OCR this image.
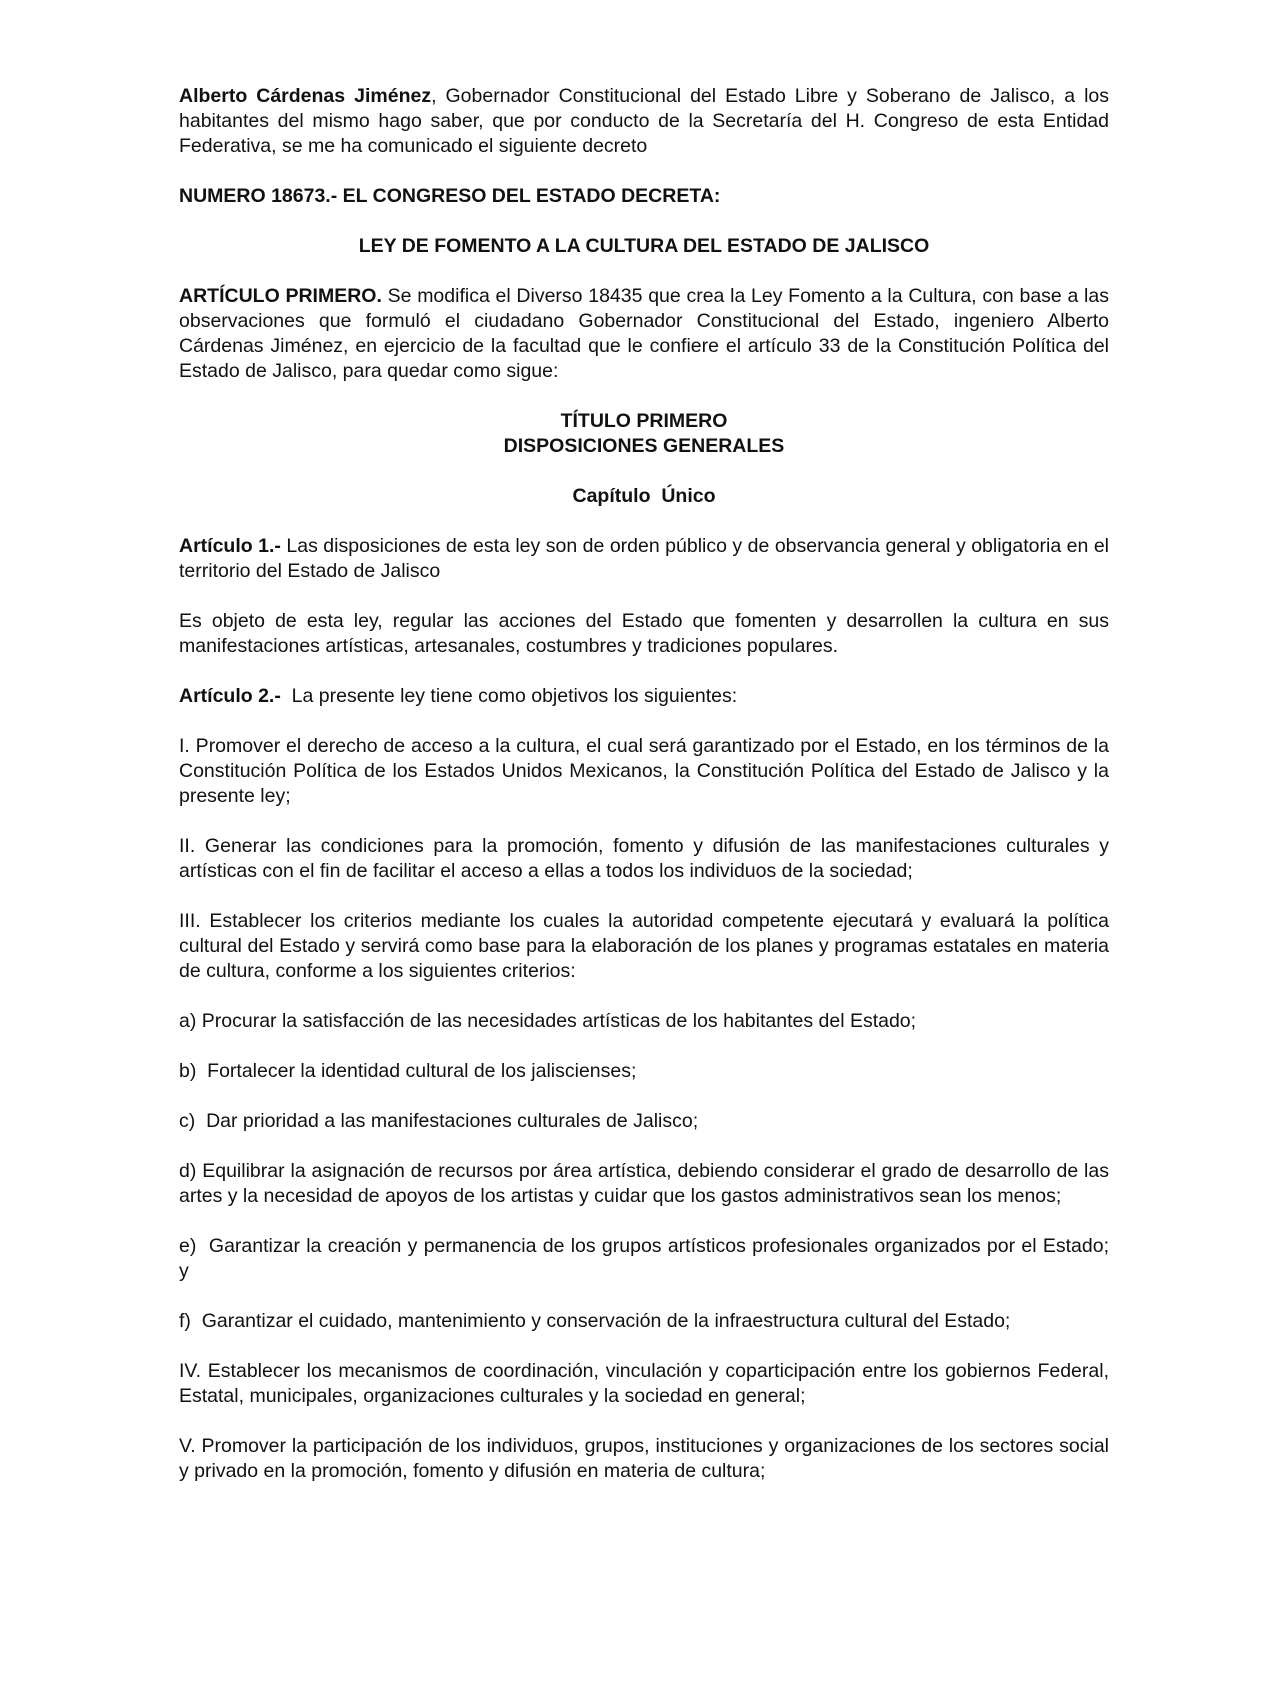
Alberto Cárdenas Jiménez, Gobernador Constitucional del Estado Libre y Soberano de Jalisco, a los habitantes del mismo hago saber, que por conducto de la Secretaría del H. Congreso de esta Entidad Federativa, se me ha comunicado el siguiente decreto

NUMERO 18673.- EL CONGRESO DEL ESTADO DECRETA:

LEY DE FOMENTO A LA CULTURA DEL ESTADO DE JALISCO

ARTÍCULO PRIMERO. Se modifica el Diverso 18435 que crea la Ley Fomento a la Cultura, con base a las observaciones que formuló el ciudadano Gobernador Constitucional del Estado, ingeniero Alberto Cárdenas Jiménez, en ejercicio de la facultad que le confiere el artículo 33 de la Constitución Política del Estado de Jalisco, para quedar como sigue:

TÍTULO PRIMERO
DISPOSICIONES GENERALES

Capítulo  Único

Artículo 1.- Las disposiciones de esta ley son de orden público y de observancia general y obligatoria en el territorio del Estado de Jalisco

Es objeto de esta ley, regular las acciones del Estado que fomenten y desarrollen la cultura en sus manifestaciones artísticas, artesanales, costumbres y tradiciones populares.

Artículo 2.-  La presente ley tiene como objetivos los siguientes:

I. Promover el derecho de acceso a la cultura, el cual será garantizado por el Estado, en los términos de la Constitución Política de los Estados Unidos Mexicanos, la Constitución Política del Estado de Jalisco y la presente ley;

II. Generar las condiciones para la promoción, fomento y difusión de las manifestaciones culturales y artísticas con el fin de facilitar el acceso a ellas a todos los individuos de la sociedad;

III. Establecer los criterios mediante los cuales la autoridad competente ejecutará y evaluará la política cultural del Estado y servirá como base para la elaboración de los planes y programas estatales en materia de cultura, conforme a los siguientes criterios:

a) Procurar la satisfacción de las necesidades artísticas de los habitantes del Estado;

b)  Fortalecer la identidad cultural de los jaliscienses;

c)  Dar prioridad a las manifestaciones culturales de Jalisco;

d) Equilibrar la asignación de recursos por área artística, debiendo considerar el grado de desarrollo de las artes y la necesidad de apoyos de los artistas y cuidar que los gastos administrativos sean los menos;

e)  Garantizar la creación y permanencia de los grupos artísticos profesionales organizados por el Estado; y

f)  Garantizar el cuidado, mantenimiento y conservación de la infraestructura cultural del Estado;

IV. Establecer los mecanismos de coordinación, vinculación y coparticipación entre los gobiernos Federal, Estatal, municipales, organizaciones culturales y la sociedad en general;

V. Promover la participación de los individuos, grupos, instituciones y organizaciones de los sectores social y privado en la promoción, fomento y difusión en materia de cultura;
